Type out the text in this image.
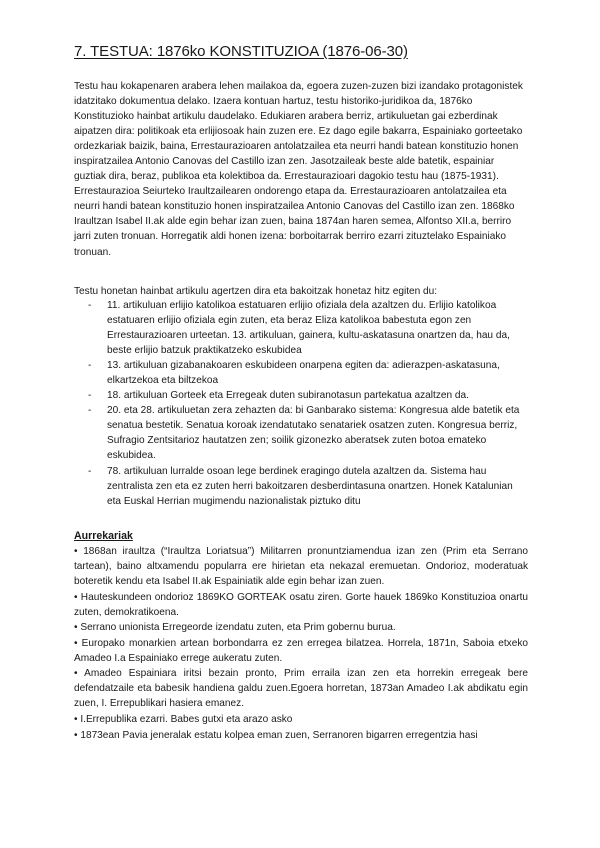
7. TESTUA: 1876ko KONSTITUZIOA (1876-06-30)
Testu hau kokapenaren arabera lehen mailakoa da, egoera zuzen-zuzen bizi izandako protagonistek idatzitako dokumentua delako. Izaera kontuan hartuz, testu historiko-juridikoa da, 1876ko Konstituzioko hainbat artikulu daudelako. Edukiaren arabera berriz, artikuluetan gai ezberdinak aipatzen dira: politikoak eta erlijiosoak hain zuzen ere. Ez dago egile bakarra, Espainiako gorteetako ordezkariak baizik, baina, Errestaurazioaren antolatzailea eta neurri handi batean konstituzio honen inspiratzailea Antonio Canovas del Castillo izan zen. Jasotzaileak beste alde batetik, espainiar guztiak dira, beraz, publikoa eta kolektiboa da. Errestaurazioari dagokio testu hau (1875-1931). Errestaurazioa Seiurteko Iraultzailearen ondorengo etapa da. Errestaurazioaren antolatzailea eta neurri handi batean konstituzio honen inspiratzailea Antonio Canovas del Castillo izan zen. 1868ko Iraultzan Isabel II.ak alde egin behar izan zuen, baina 1874an haren semea, Alfontso XII.a, berriro jarri zuten tronuan. Horregatik aldi honen izena: borboitarrak berriro ezarri zituztelako Espainiako tronuan.
Testu honetan hainbat artikulu agertzen dira eta bakoitzak honetaz hitz egiten du:
- 11. artikuluan erlijio katolikoa estatuaren erlijio ofiziala dela azaltzen du. Erlijio katolikoa estatuaren erlijio ofiziala egin zuten, eta beraz Eliza katolikoa babestuta egon zen Errestaurazioaren urteetan. 13. artikuluan, gainera, kultu-askatasuna onartzen da, hau da, beste erlijio batzuk praktikatzeko eskubidea
- 13. artikuluan gizabanakoaren eskubideen onarpena egiten da: adierazpen-askatasuna, elkartzekoa eta biltzekoa
- 18. artikuluan Gorteek eta Erregeak duten subiranotasun partekatua azaltzen da.
- 20. eta 28. artikuluetan zera zehazten da: bi Ganbarako sistema: Kongresua alde batetik eta senatua bestetik. Senatua koroak izendatutako senatariek osatzen zuten. Kongresua berriz, Sufragio Zentsitarioz hautatzen zen; soilik gizonezko aberatsek zuten botoa emateko eskubidea.
- 78. artikuluan lurralde osoan lege berdinek eragingo dutela azaltzen da. Sistema hau zentralista zen eta ez zuten herri bakoitzaren desberdintasuna onartzen. Honek Katalunian eta Euskal Herrian mugimendu nazionalistak piztuko ditu
Aurrekariak
• 1868an iraultza (“Iraultza Loriatsua”) Militarren pronuntziamendua izan zen (Prim eta Serrano tartean), baino altxamendu popularra ere hirietan eta nekazal eremuetan. Ondorioz, moderatuak boteretik kendu eta Isabel II.ak Espainiatik alde egin behar izan zuen.
• Hauteskundeen ondorioz 1869KO GORTEAK osatu ziren. Gorte hauek 1869ko Konstituzioa onartu zuten, demokratikoena.
• Serrano unionista Erregeorde izendatu zuten, eta Prim gobernu burua.
• Europako monarkien artean borbondarra ez zen erregea bilatzea. Horrela, 1871n, Saboia etxeko Amadeo I.a Espainiako errege aukeratu zuten.
• Amadeo Espainiara iritsi bezain pronto, Prim erraila izan zen eta horrekin erregeak bere defendatzaile eta babesik handiena galdu zuen.Egoera horretan, 1873an Amadeo I.ak abdikatu egin zuen, I. Errepublikari hasiera emanez.
• I.Errepublika ezarri. Babes gutxi eta arazo asko
• 1873ean Pavia jeneralak estatu kolpea eman zuen, Serranoren bigarren erregentzia hasi
